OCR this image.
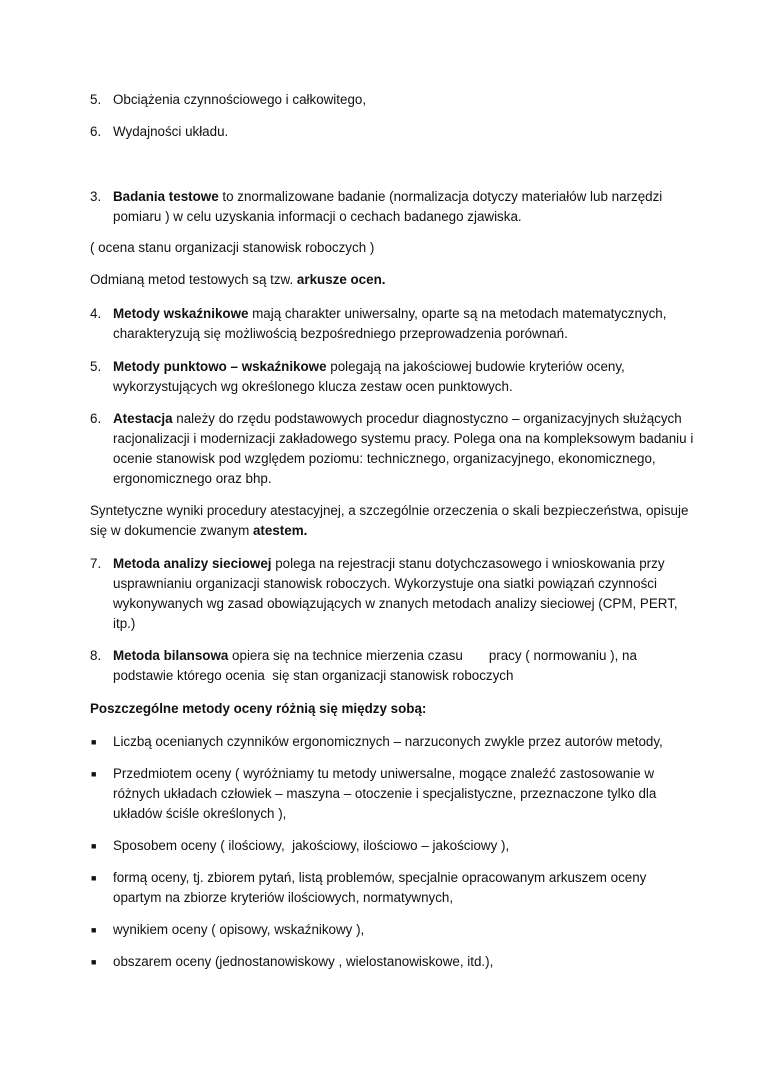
5. Obciążenia czynnościowego i całkowitego,
6. Wydajności układu.
3. Badania testowe to znormalizowane badanie (normalizacja dotyczy materiałów lub narzędzi
pomiaru ) w celu uzyskania informacji o cechach badanego zjawiska.
( ocena stanu organizacji stanowisk roboczych )
Odmianą metod testowych są tzw. arkusze ocen.
4. Metody wskaźnikowe mają charakter uniwersalny, oparte są na metodach matematycznych,
charakteryzują się możliwością bezpośredniego przeprowadzenia porównań.
5. Metody punktowo – wskaźnikowe polegają na jakościowej budowie kryteriów oceny,
wykorzystujących wg określonego klucza zestaw ocen punktowych.
6. Atestacja należy do rzędu podstawowych procedur diagnostyczno – organizacyjnych służących
racjonalizacji i modernizacji zakładowego systemu pracy. Polega ona na kompleksowym badaniu i
ocenie stanowisk pod względem poziomu: technicznego, organizacyjnego, ekonomicznego,
ergonomicznego oraz bhp.
Syntetyczne wyniki procedury atestacyjnej, a szczególnie orzeczenia o skali bezpieczeństwa, opisuje
się w dokumencie zwanym atestem.
7. Metoda analizy sieciowej polega na rejestracji stanu dotychczasowego i wnioskowania przy
usprawnianiu organizacji stanowisk roboczych. Wykorzystuje ona siatki powiązań czynności
wykonywanych wg zasad obowiązujących w znanych metodach analizy sieciowej (CPM, PERT,
itp.)
8. Metoda bilansowa opiera się na technice mierzenia czasu       pracy ( normowaniu ), na
podstawie którego ocenia  się stan organizacji stanowisk roboczych
Poszczególne metody oceny różnią się między sobą:
■ Liczbą ocenianych czynników ergonomicznych – narzuconych zwykle przez autorów metody,
■ Przedmiotem oceny ( wyróżniamy tu metody uniwersalne, mogące znaleźć zastosowanie w
różnych układach człowiek – maszyna – otoczenie i specjalistyczne, przeznaczone tylko dla
układów ściśle określonych ),
■ Sposobem oceny ( ilościowy,  jakościowy, ilościowo – jakościowy ),
■ formą oceny, tj. zbiorem pytań, listą problemów, specjalnie opracowanym arkuszem oceny
opartym na zbiorze kryteriów ilościowych, normatywnych,
■ wynikiem oceny ( opisowy, wskaźnikowy ),
■ obszarem oceny (jednostanowiskowy , wielostanowiskowe, itd.),
